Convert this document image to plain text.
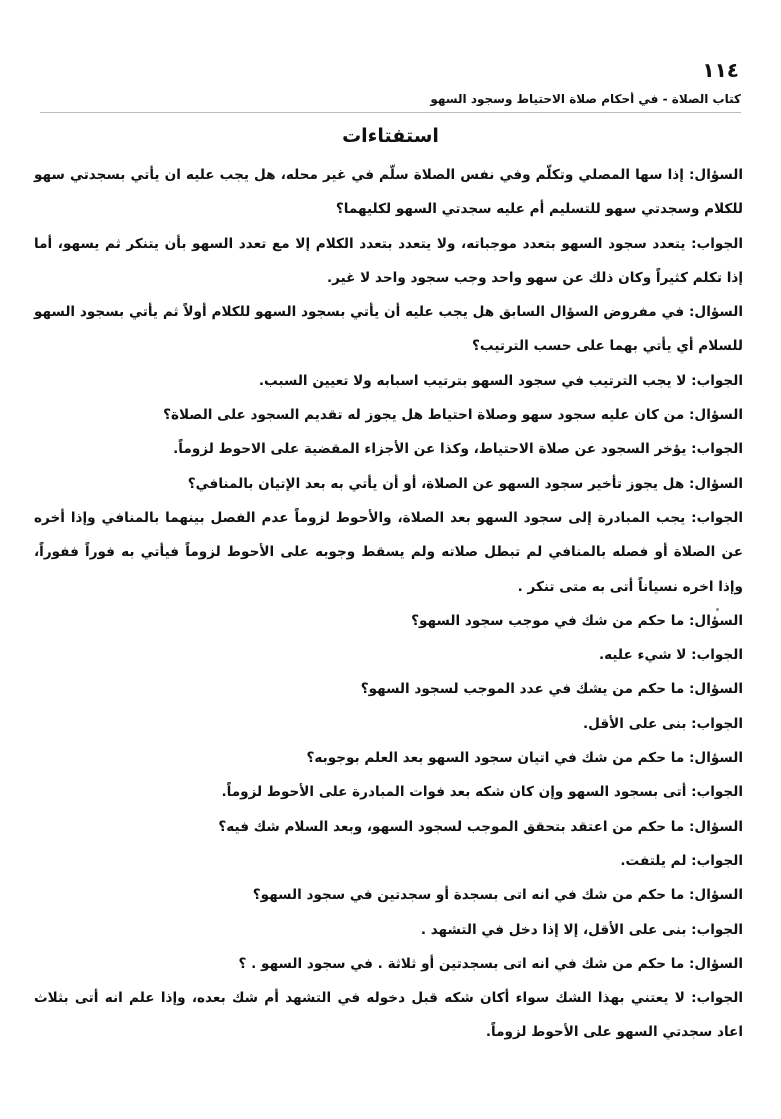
١١٤
كتاب الصلاة - في أحكام صلاة الاحتياط وسجود السهو
استفتاءات

السؤال: إذا سها المصلي وتكلّم وفي نفس الصلاة سلّم في غير محله، هل يجب عليه ان يأتي بسجدتي سهو للكلام وسجدتي سهو للتسليم أم عليه سجدتي السهو لكليهما؟

الجواب: يتعدد سجود السهو بتعدد موجباته، ولا يتعدد بتعدد الكلام إلا مع تعدد السهو بأن يتنكر ثم يسهو، أما إذا تكلم كثيراً وكان ذلك عن سهو واحد وجب سجود واحد لا غير.

السؤال: في مفروض السؤال السابق هل يجب عليه أن يأتي بسجود السهو للكلام أولاً ثم يأتي بسجود السهو للسلام أي يأتي بهما على حسب الترتيب؟

الجواب: لا يجب الترتيب في سجود السهو بترتيب اسبابه ولا تعيين السبب.

السؤال: من كان عليه سجود سهو وصلاة احتياط هل يجوز له تقديم السجود على الصلاة؟

الجواب: يؤخر السجود عن صلاة الاحتياط، وكذا عن الأجزاء المقضية على الاحوط لزوماً.

السؤال: هل يجوز تأخير سجود السهو عن الصلاة، أو أن يأتي به بعد الإتيان بالمنافي؟

الجواب: يجب المبادرة إلى سجود السهو بعد الصلاة، والأحوط لزوماً عدم الفصل بينهما بالمنافي وإذا أخره عن الصلاة أو فصله بالمنافي لم تبطل صلاته ولم يسقط وجوبه على الأحوط لزوماً فيأتي به فوراً ففوراً، وإذا اخره نسياناً أتى به متى تنكر .

السؤال: ما حكم من شك في موجب سجود السهو؟

الجواب: لا شيء عليه.

السؤال: ما حكم من يشك في عدد الموجب لسجود السهو؟

الجواب: بنى على الأقل.

السؤال: ما حكم من شك في اتيان سجود السهو بعد العلم بوجوبه؟

الجواب: أتى بسجود السهو وإن كان شكه بعد فوات المبادرة على الأحوط لزوماً.

السؤال: ما حكم من اعتقد بتحقق الموجب لسجود السهو، وبعد السلام شك فيه؟

الجواب: لم يلتفت.

السؤال: ما حكم من شك في انه اتى بسجدة أو سجدتين في سجود السهو؟

الجواب: بنى على الأقل، إلا إذا دخل في التشهد .

السؤال: ما حكم من شك في انه اتى بسجدتين أو ثلاثة . في سجود السهو . ؟

الجواب: لا يعتني بهذا الشك سواء أكان شكه قبل دخوله في التشهد أم شك بعده، وإذا علم انه أتى بثلاث اعاد سجدتي السهو على الأحوط لزوماً.
